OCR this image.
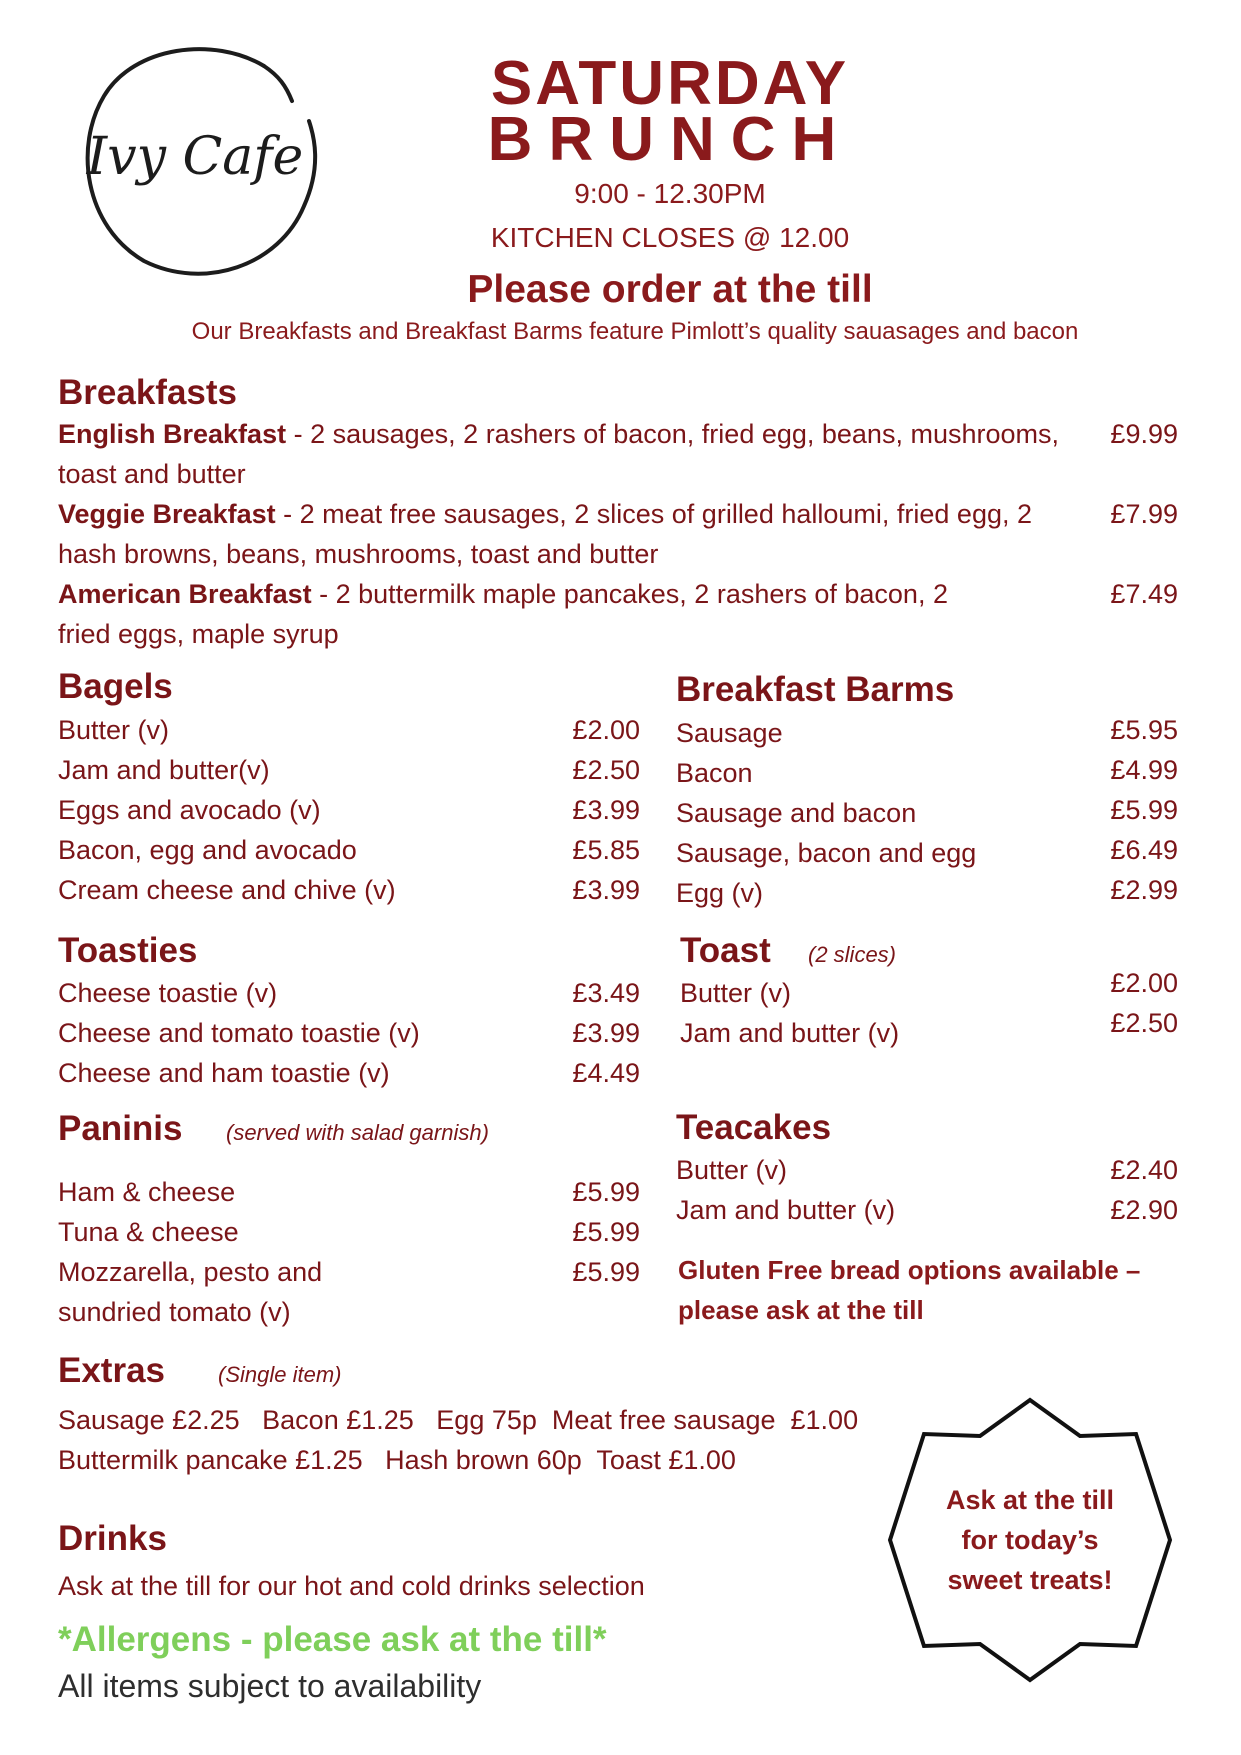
Ivy Cafe
SATURDAY
BRUNCH
9:00 - 12.30PM
KITCHEN CLOSES @ 12.00
Please order at the till
Our Breakfasts and Breakfast Barms feature Pimlott’s quality sauasages and bacon
Breakfasts
English Breakfast - 2 sausages, 2 rashers of bacon, fried egg, beans, mushrooms, toast and butter
£9.99
Veggie Breakfast - 2 meat free sausages, 2 slices of grilled halloumi, fried egg, 2 hash browns, beans, mushrooms, toast and butter
£7.99
American Breakfast - 2 buttermilk maple pancakes, 2 rashers of bacon, 2 fried eggs, maple syrup
£7.49
Bagels
Butter (v)	£2.00
Jam and butter(v)	£2.50
Eggs and avocado (v)	£3.99
Bacon, egg and avocado	£5.85
Cream cheese and chive (v)	£3.99
Breakfast Barms
Sausage	£5.95
Bacon	£4.99
Sausage and bacon	£5.99
Sausage, bacon and egg	£6.49
Egg (v)	£2.99
Toasties
Cheese toastie (v)	£3.49
Cheese and tomato toastie (v)	£3.99
Cheese and ham toastie (v)	£4.49
Toast (2 slices)
Butter (v)	£2.00
Jam and butter (v)	£2.50
Paninis (served with salad garnish)
Ham & cheese	£5.99
Tuna & cheese	£5.99
Mozzarella, pesto and
sundried tomato (v)
£5.99
Teacakes
Butter (v)	£2.40
Jam and butter (v)	£2.90
Gluten Free bread options available –
please ask at the till
Extras (Single item)
Sausage £2.25   Bacon £1.25   Egg 75p  Meat free sausage  £1.00
Buttermilk pancake £1.25   Hash brown 60p  Toast £1.00
Drinks
Ask at the till for our hot and cold drinks selection
*Allergens - please ask at the till*
All items subject to availability
Ask at the till
for today’s
sweet treats!
